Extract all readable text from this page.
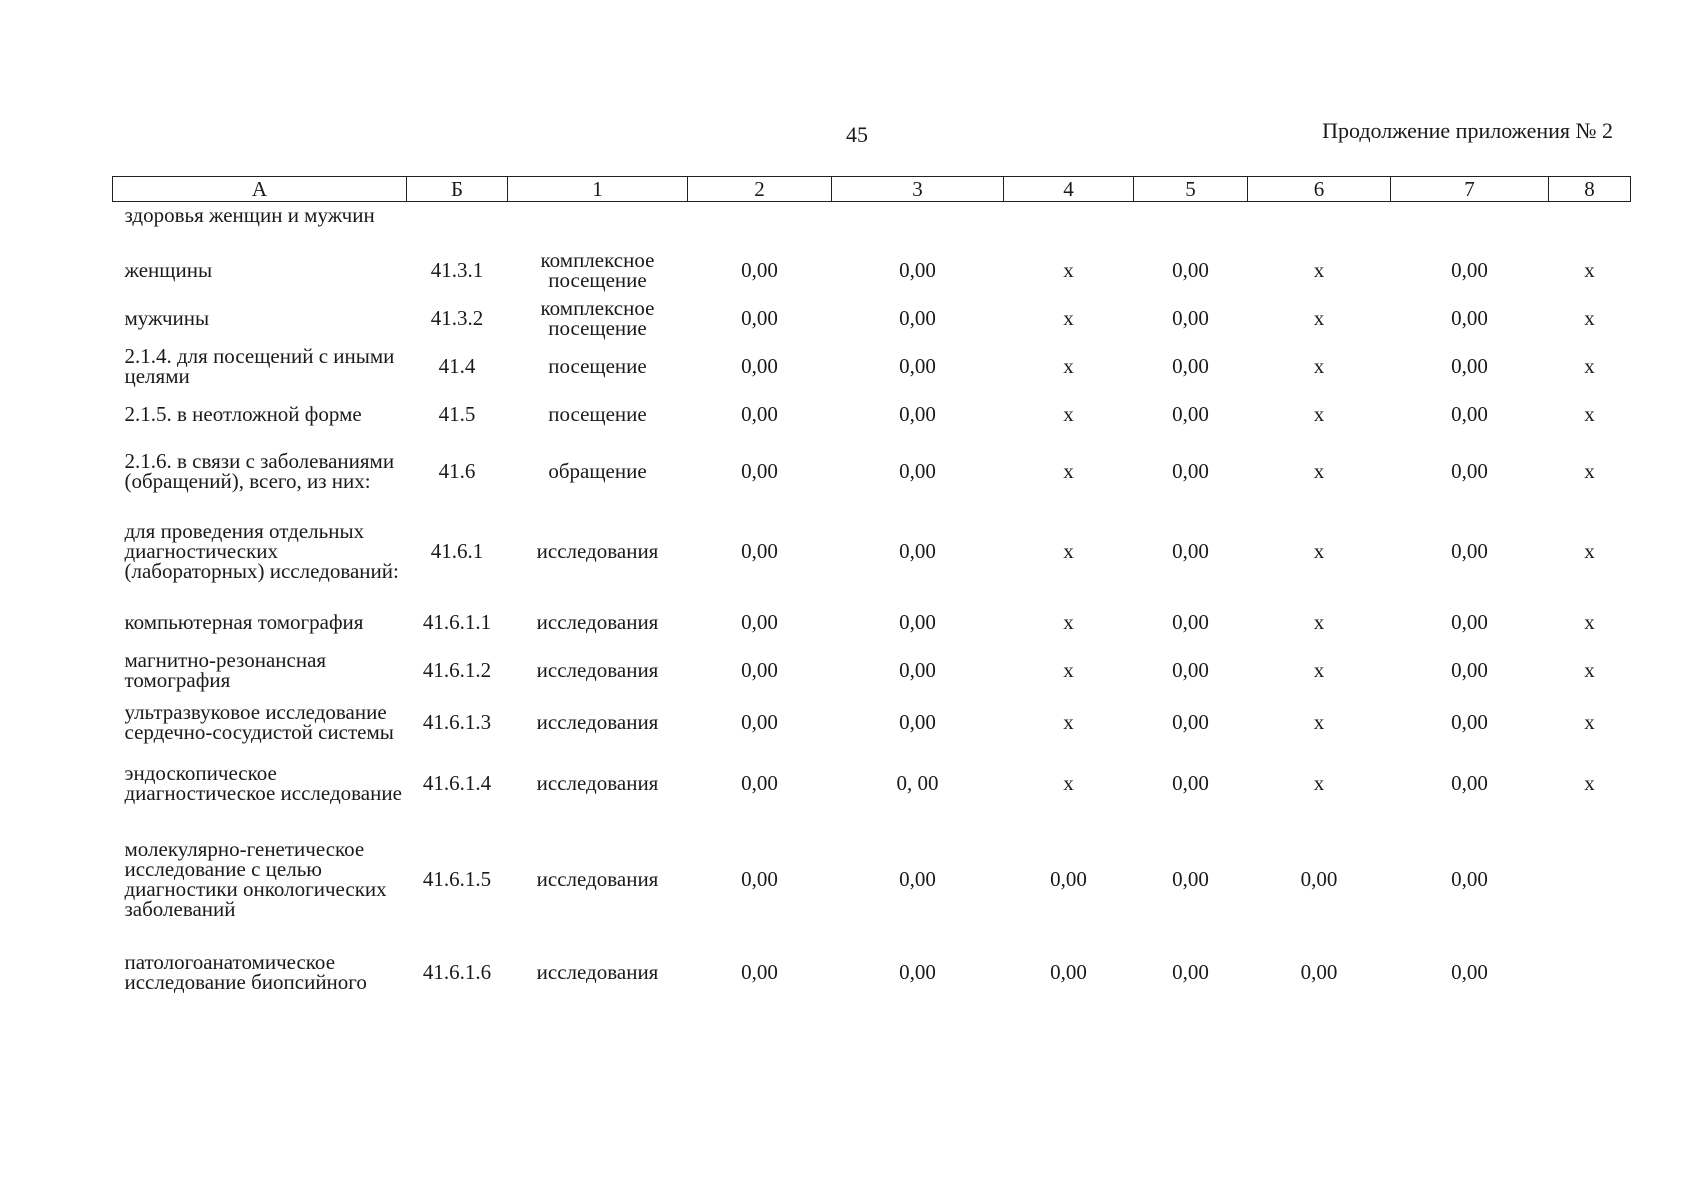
45	Продолжение приложения № 2
А	Б	1	2	3	4	5	6	7	8
здоровья женщин и мужчин									
женщины	41.3.1	комплексное посещение	0,00	0,00	x	0,00	x	0,00	x
мужчины	41.3.2	комплексное посещение	0,00	0,00	x	0,00	x	0,00	x
2.1.4. для посещений с иными целями	41.4	посещение	0,00	0,00	x	0,00	x	0,00	x
2.1.5. в неотложной форме	41.5	посещение	0,00	0,00	x	0,00	x	0,00	x
2.1.6. в связи с заболеваниями (обращений), всего, из них:	41.6	обращение	0,00	0,00	x	0,00	x	0,00	x
для проведения отдельных диагностических (лабораторных) исследований:	41.6.1	исследования	0,00	0,00	x	0,00	x	0,00	x
компьютерная томография	41.6.1.1	исследования	0,00	0,00	x	0,00	x	0,00	x
магнитно-резонансная томография	41.6.1.2	исследования	0,00	0,00	x	0,00	x	0,00	x
ультразвуковое исследование сердечно-сосудистой системы	41.6.1.3	исследования	0,00	0,00	x	0,00	x	0,00	x
эндоскопическое диагностическое исследование	41.6.1.4	исследования	0,00	0, 00	x	0,00	x	0,00	x
молекулярно-генетическое исследование с целью диагностики онкологических заболеваний	41.6.1.5	исследования	0,00	0,00	0,00	0,00	0,00	0,00	
патологоанатомическое исследование биопсийного	41.6.1.6	исследования	0,00	0,00	0,00	0,00	0,00	0,00	
